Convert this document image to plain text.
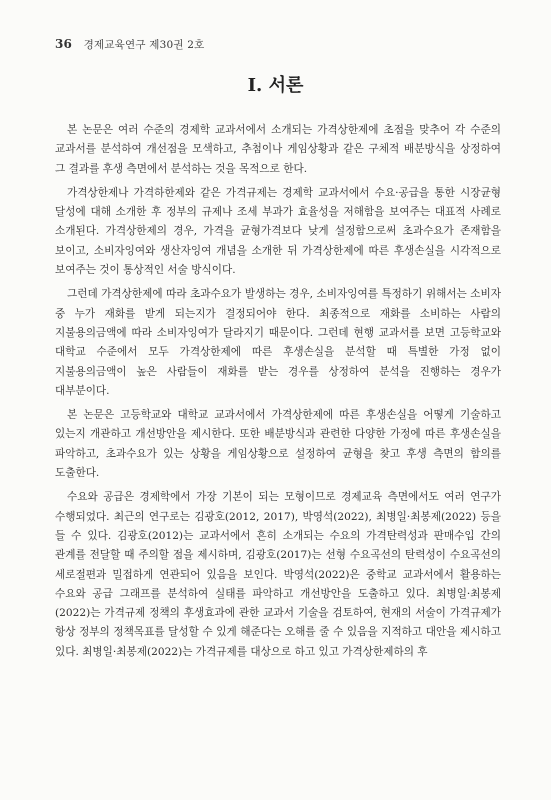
36 경제교육연구 제30권 2호
Ⅰ. 서론

본 논문은 여러 수준의 경제학 교과서에서 소개되는 가격상한제에 초점을 맞추어 각 수준의 교과서를 분석하여 개선점을 모색하고, 추첨이나 게임상황과 같은 구체적 배분방식을 상정하여 그 결과를 후생 측면에서 분석하는 것을 목적으로 한다.

가격상한제나 가격하한제와 같은 가격규제는 경제학 교과서에서 수요·공급을 통한 시장균형 달성에 대해 소개한 후 정부의 규제나 조세 부과가 효율성을 저해함을 보여주는 대표적 사례로 소개된다. 가격상한제의 경우, 가격을 균형가격보다 낮게 설정함으로써 초과수요가 존재함을 보이고, 소비자잉여와 생산자잉여 개념을 소개한 뒤 가격상한제에 따른 후생손실을 시각적으로 보여주는 것이 통상적인 서술 방식이다.

그런데 가격상한제에 따라 초과수요가 발생하는 경우, 소비자잉여를 특정하기 위해서는 소비자 중 누가 재화를 받게 되는지가 결정되어야 한다. 최종적으로 재화를 소비하는 사람의 지불용의금액에 따라 소비자잉여가 달라지기 때문이다. 그런데 현행 교과서를 보면 고등학교와 대학교 수준에서 모두 가격상한제에 따른 후생손실을 분석할 때 특별한 가정 없이 지불용의금액이 높은 사람들이 재화를 받는 경우를 상정하여 분석을 진행하는 경우가 대부분이다.

본 논문은 고등학교와 대학교 교과서에서 가격상한제에 따른 후생손실을 어떻게 기술하고 있는지 개관하고 개선방안을 제시한다. 또한 배분방식과 관련한 다양한 가정에 따른 후생손실을 파악하고, 초과수요가 있는 상황을 게임상황으로 설정하여 균형을 찾고 후생 측면의 함의를 도출한다.

수요와 공급은 경제학에서 가장 기본이 되는 모형이므로 경제교육 측면에서도 여러 연구가 수행되었다. 최근의 연구로는 김광호(2012, 2017), 박영석(2022), 최병일·최봉제(2022) 등을 들 수 있다. 김광호(2012)는 교과서에서 흔히 소개되는 수요의 가격탄력성과 판매수입 간의 관계를 전달할 때 주의할 점을 제시하며, 김광호(2017)는 선형 수요곡선의 탄력성이 수요곡선의 세로절편과 밀접하게 연관되어 있음을 보인다. 박영석(2022)은 중학교 교과서에서 활용하는 수요와 공급 그래프를 분석하여 실태를 파악하고 개선방안을 도출하고 있다. 최병일·최봉제(2022)는 가격규제 정책의 후생효과에 관한 교과서 기술을 검토하여, 현재의 서술이 가격규제가 항상 정부의 정책목표를 달성할 수 있게 해준다는 오해를 줄 수 있음을 지적하고 대안을 제시하고 있다. 최병일·최봉제(2022)는 가격규제를 대상으로 하고 있고 가격상한제하의 후
